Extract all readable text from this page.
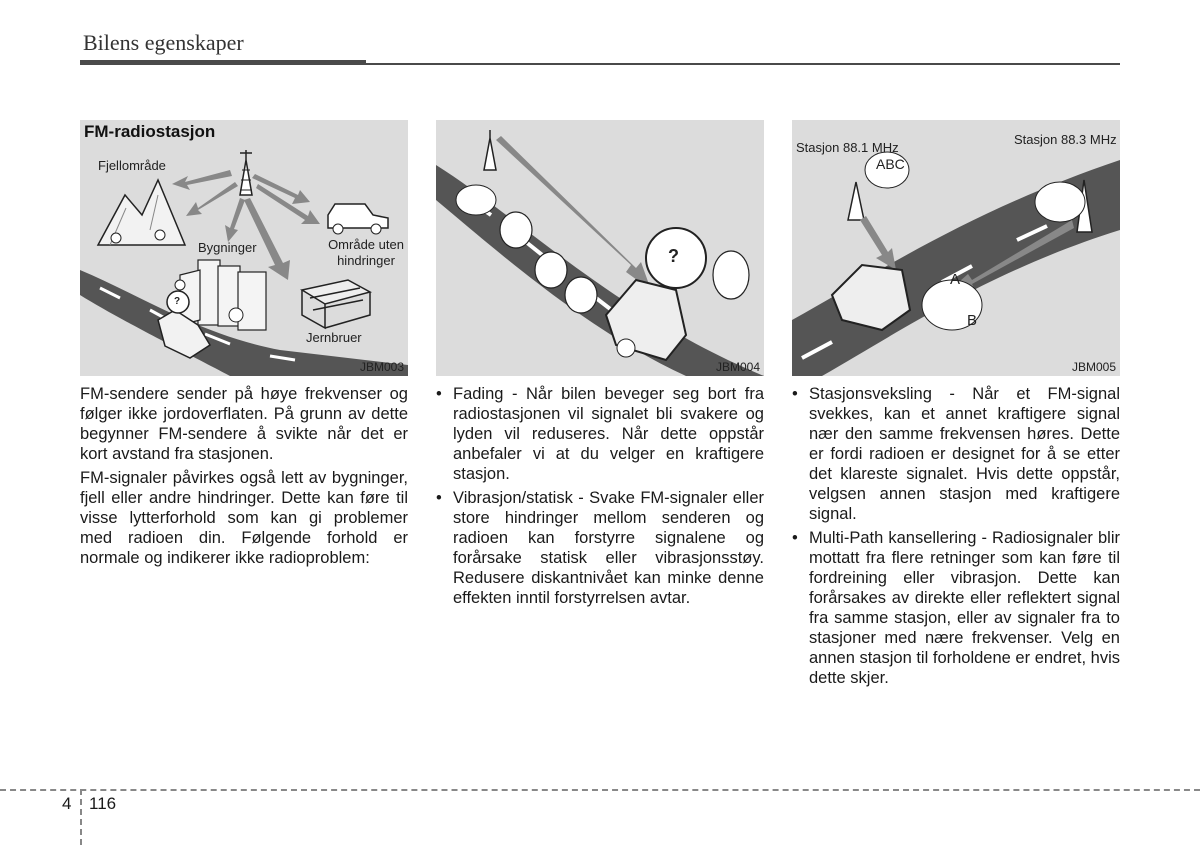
Bilens egenskaper
FM-radiostasjon
Fjellområde
Bygninger	Område uten hindringer
Jernbruer
?
JBM003
?
JBM004
Stasjon 88.1 MHz
Stasjon 88.3 MHz
ABC
A
B
JBM005

FM-sendere sender på høye frekvenser og følger ikke jordoverflaten. På grunn av dette begynner FM-sendere å svikte når det er kort avstand fra stasjonen.

FM-signaler påvirkes også lett av bygninger, fjell eller andre hindringer. Dette kan føre til visse lytterforhold som kan gi problemer med radioen din. Følgende forhold er normale og indikerer ikke radioproblem:

• Fading - Når bilen beveger seg bort fra radiostasjonen vil signalet bli svakere og lyden vil reduseres. Når dette oppstår anbefaler vi at du velger en kraftigere stasjon.
• Vibrasjon/statisk - Svake FM-signaler eller store hindringer mellom senderen og radioen kan forstyrre signalene og forårsake statisk eller vibrasjonsstøy. Redusere diskantnivået kan minke denne effekten inntil forstyrrelsen avtar.
• Stasjonsveksling - Når et FM-signal svekkes, kan et annet kraftigere signal nær den samme frekvensen høres. Dette er fordi radioen er designet for å se etter det klareste signalet. Hvis dette oppstår, velgsen annen stasjon med kraftigere signal.
• Multi-Path kansellering - Radiosignaler blir mottatt fra flere retninger som kan føre til fordreining eller vibrasjon. Dette kan forårsakes av direkte eller reflektert signal fra samme stasjon, eller av signaler fra to stasjoner med nære frekvenser. Velg en annen stasjon til forholdene er endret, hvis dette skjer.
4 116
